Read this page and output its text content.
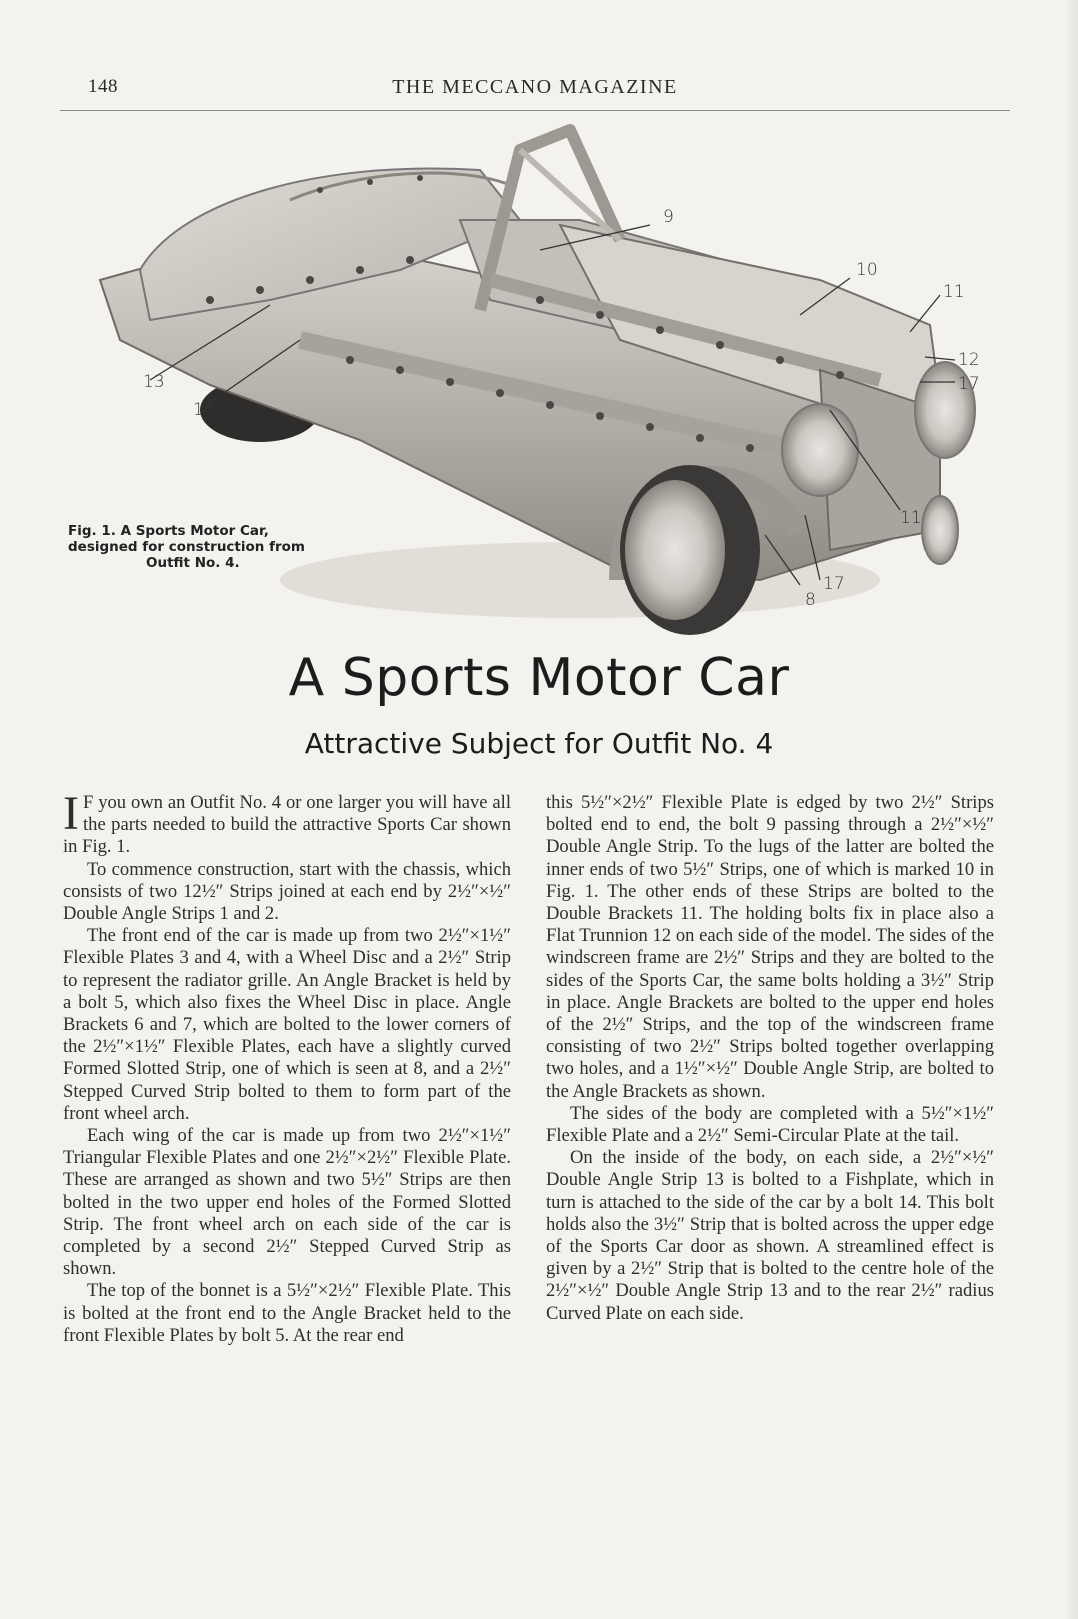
148	THE MECCANO MAGAZINE
9
10
11
12
17
13
14
11
17
8
Fig. 1. A Sports Motor Car,
designed for construction from
Outfit No. 4.
A Sports Motor Car
Attractive Subject for Outfit No. 4

I F you own an Outfit No. 4 or one larger you will have all the parts needed to build the attractive Sports Car shown in Fig. 1.

To commence construction, start with the chassis, which consists of two 12½″ Strips joined at each end by 2½″×½″ Double Angle Strips 1 and 2.

The front end of the car is made up from two 2½″×1½″ Flexible Plates 3 and 4, with a Wheel Disc and a 2½″ Strip to represent the radiator grille. An Angle Bracket is held by a bolt 5, which also fixes the Wheel Disc in place. Angle Brackets 6 and 7, which are bolted to the lower corners of the 2½″×1½″ Flexible Plates, each have a slightly curved Formed Slotted Strip, one of which is seen at 8, and a 2½″ Stepped Curved Strip bolted to them to form part of the front wheel arch.

Each wing of the car is made up from two 2½″×1½″ Triangular Flexible Plates and one 2½″×2½″ Flexible Plate. These are arranged as shown and two 5½″ Strips are then bolted in the two upper end holes of the Formed Slotted Strip. The front wheel arch on each side of the car is completed by a second 2½″ Stepped Curved Strip as shown.

The top of the bonnet is a 5½″×2½″ Flexible Plate. This is bolted at the front end to the Angle Bracket held to the front Flexible Plates by bolt 5. At the rear end

this 5½″×2½″ Flexible Plate is edged by two 2½″ Strips bolted end to end, the bolt 9 passing through a 2½″×½″ Double Angle Strip. To the lugs of the latter are bolted the inner ends of two 5½″ Strips, one of which is marked 10 in Fig. 1. The other ends of these Strips are bolted to the Double Brackets 11. The holding bolts fix in place also a Flat Trunnion 12 on each side of the model. The sides of the windscreen frame are 2½″ Strips and they are bolted to the sides of the Sports Car, the same bolts holding a 3½″ Strip in place. Angle Brackets are bolted to the upper end holes of the 2½″ Strips, and the top of the windscreen frame consisting of two 2½″ Strips bolted together overlapping two holes, and a 1½″×½″ Double Angle Strip, are bolted to the Angle Brackets as shown.

The sides of the body are completed with a 5½″×1½″ Flexible Plate and a 2½″ Semi-Circular Plate at the tail.

On the inside of the body, on each side, a 2½″×½″ Double Angle Strip 13 is bolted to a Fishplate, which in turn is attached to the side of the car by a bolt 14. This bolt holds also the 3½″ Strip that is bolted across the upper edge of the Sports Car door as shown. A streamlined effect is given by a 2½″ Strip that is bolted to the centre hole of the 2½″×½″ Double Angle Strip 13 and to the rear 2½″ radius Curved Plate on each side.
